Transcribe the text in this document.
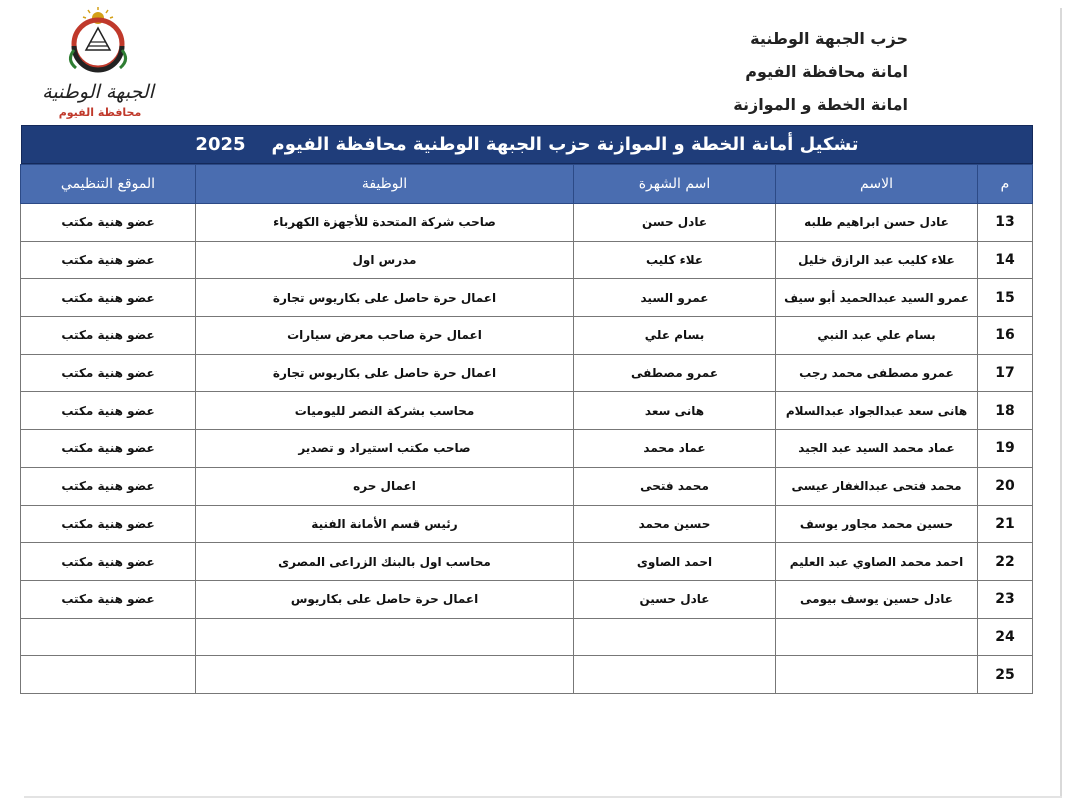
الجبهة الوطنية
محافظة الفيوم
حزب الجبهة الوطنية
امانة محافظة الفيوم
امانة الخطة و الموازنة
تشكيل أمانة الخطة و الموازنة حزب الجبهة الوطنية محافظة الفيوم
2025
م	الاسم	اسم الشهرة	الوظيفة	الموقع التنظيمي
13	عادل حسن ابراهيم طلبه	عادل حسن	صاحب شركة المتحدة للأجهزة الكهرباء	عضو هنية مكتب
14	علاء كليب عبد الرازق خليل	علاء كليب	مدرس اول	عضو هنية مكتب
15	عمرو السيد عبدالحميد أبو سيف	عمرو السيد	اعمال حرة حاصل على بكاريوس تجارة	عضو هنية مكتب
16	بسام علي عبد النبي	بسام علي	اعمال حرة صاحب معرض سيارات	عضو هنية مكتب
17	عمرو مصطفى محمد رجب	عمرو مصطفى	اعمال حرة حاصل على بكاريوس تجارة	عضو هنية مكتب
18	هانى سعد عبدالجواد عبدالسلام	هانى سعد	محاسب بشركة النصر لليوميات	عضو هنية مكتب
19	عماد محمد السيد عبد الجيد	عماد محمد	صاحب مكتب استيراد و تصدير	عضو هنية مكتب
20	محمد فتحى عبدالغفار عيسى	محمد فتحى	اعمال حره	عضو هنية مكتب
21	حسين محمد مجاور يوسف	حسين محمد	رئيس قسم الأمانة الفنية	عضو هنية مكتب
22	احمد محمد الصاوي عبد العليم	احمد الصاوى	محاسب اول بالبنك الزراعى المصرى	عضو هنية مكتب
23	عادل حسين يوسف بيومى	عادل حسين	اعمال حرة حاصل على بكاريوس	عضو هنية مكتب
24				
25				
